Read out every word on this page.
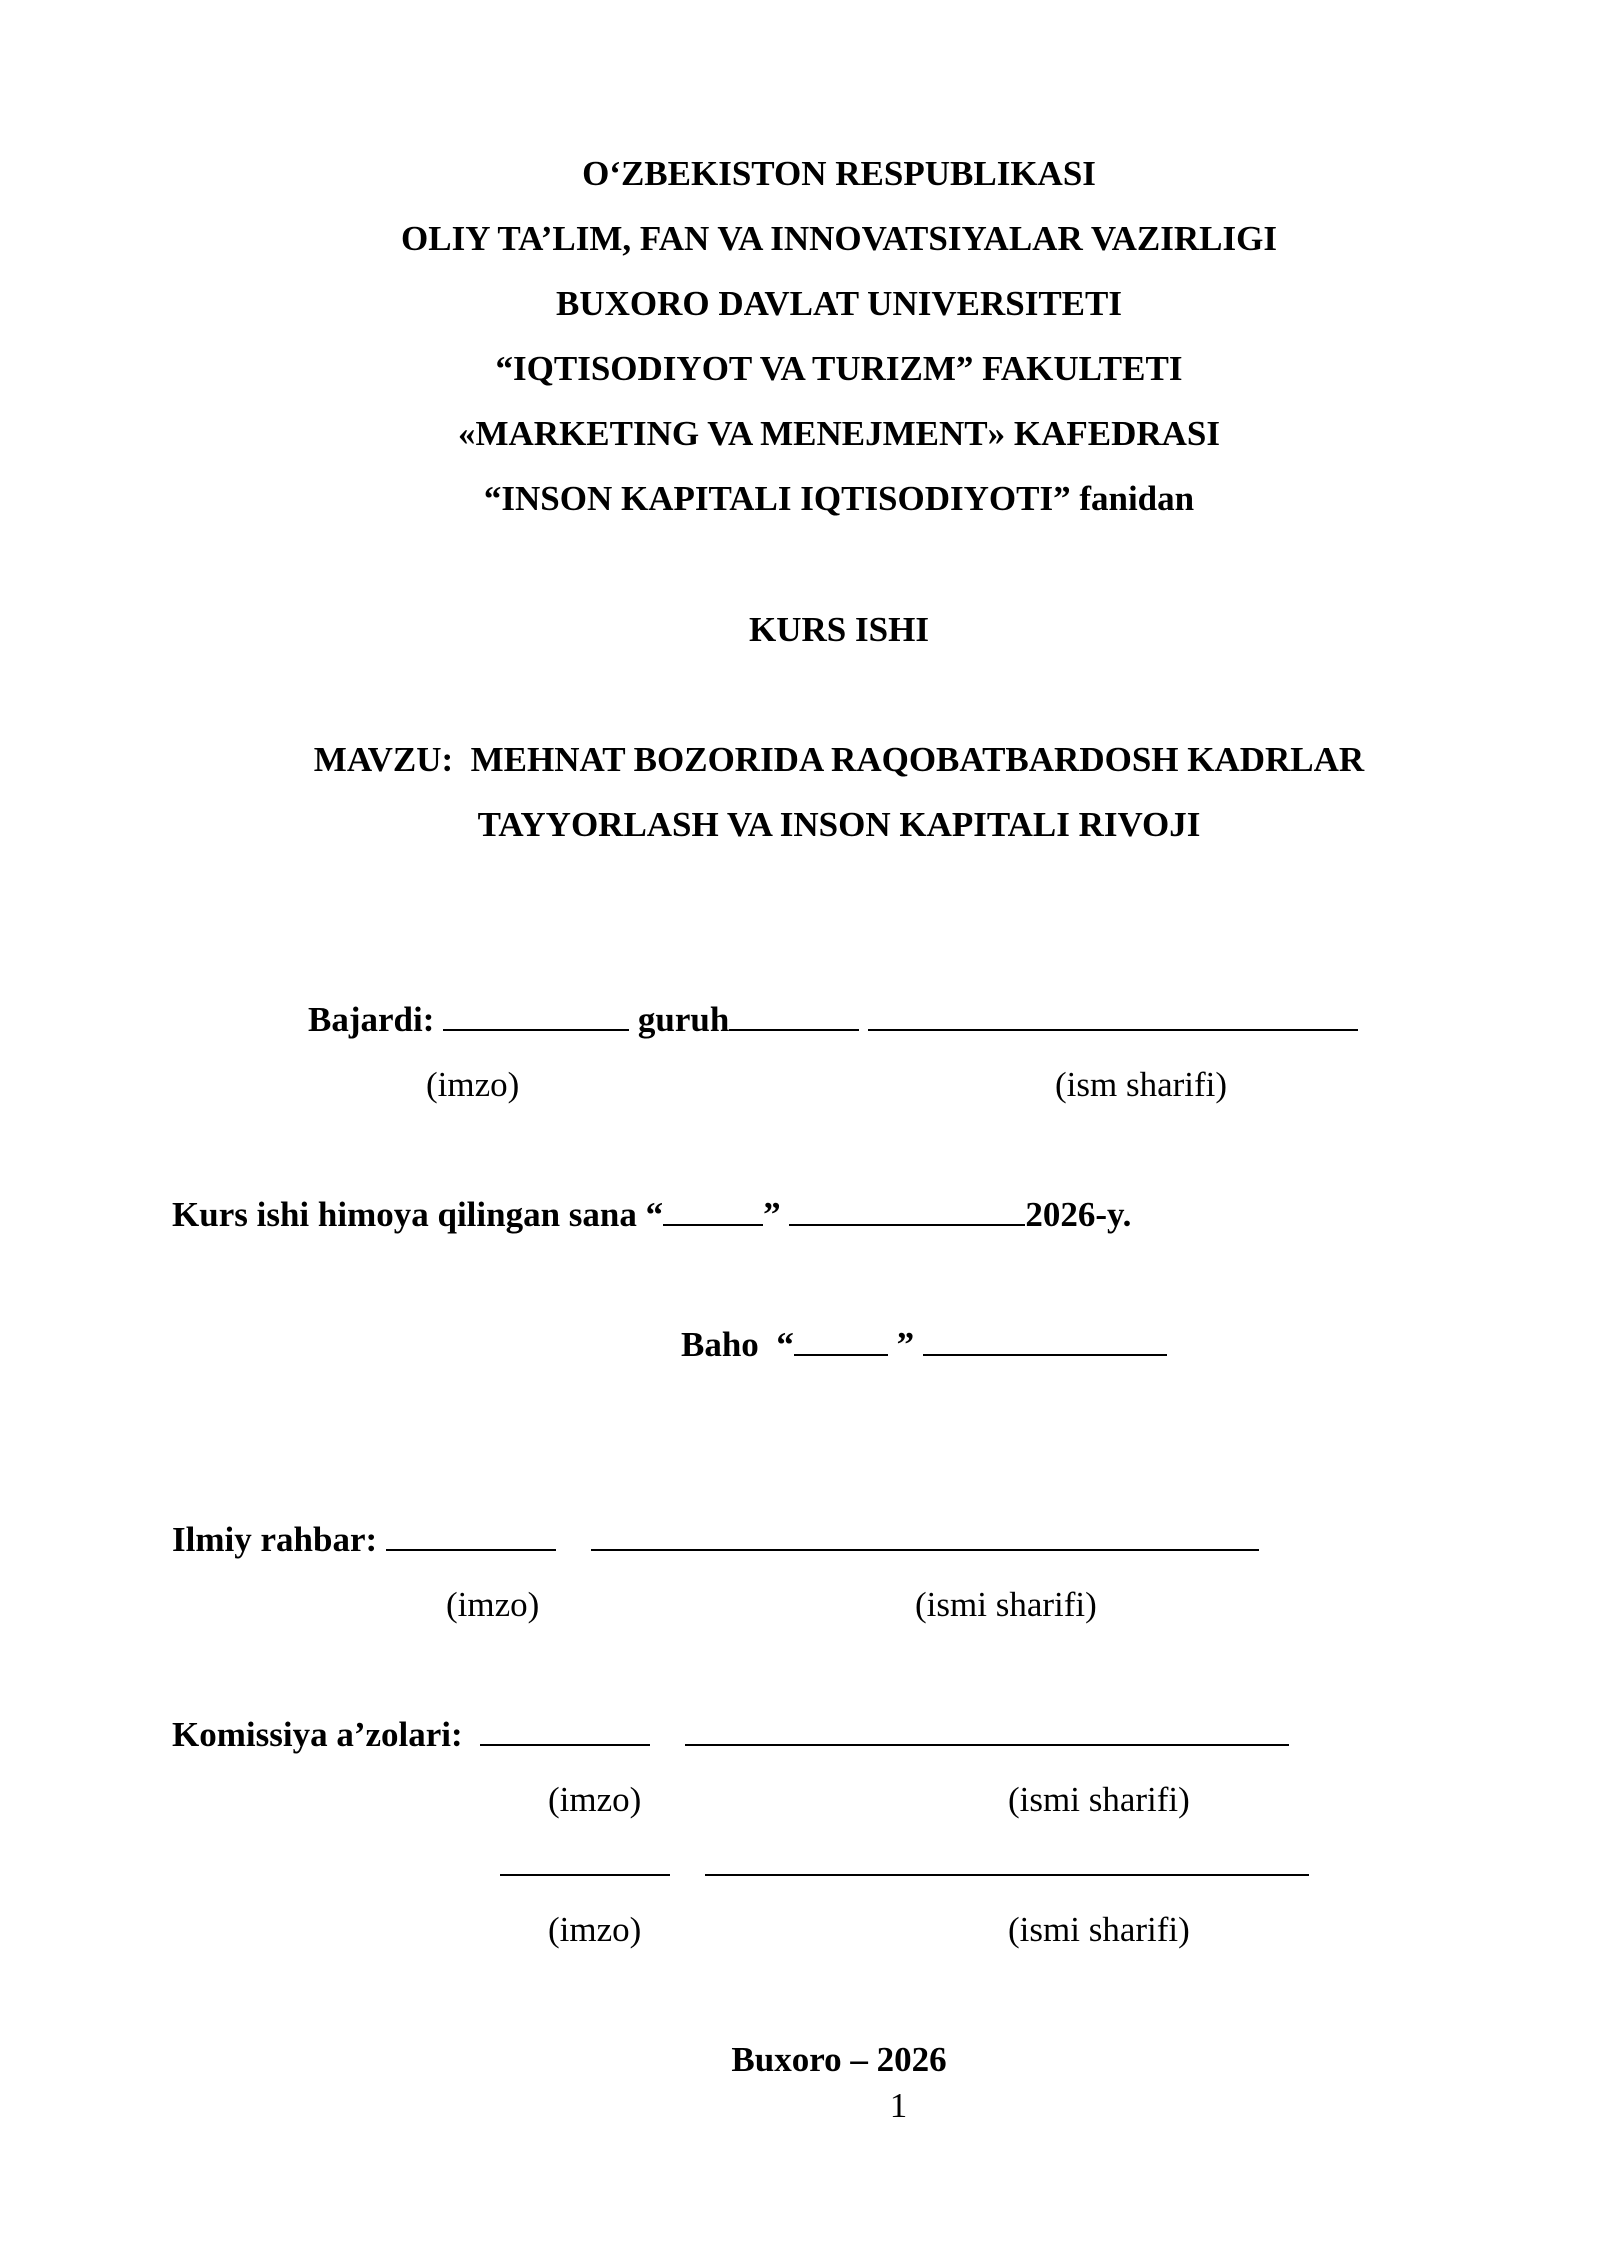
O‘ZBEKISTON RESPUBLIKASI
OLIY TA’LIM, FAN VA INNOVATSIYALAR VAZIRLIGI
BUXORO DAVLAT UNIVERSITETI
“IQTISODIYOT VA TURIZM” FAKULTETI
«MARKETING VA MENEJMENT» KAFEDRASI
“INSON KAPITALI IQTISODIYOTI” fanidan
KURS ISHI
MAVZU:  MEHNAT BOZORIDA RAQOBATBARDOSH KADRLAR
TAYYORLASH VA INSON KAPITALI RIVOJI
Bajardi:	guruh
(imzo)	(ism sharifi)
Kurs ishi himoya qilingan sana “	”	2026-y.
Baho “	”
Ilmiy rahbar:
(imzo)	(ismi sharifi)
Komissiya a’zolari:
(imzo)	(ismi sharifi)

(imzo)	(ismi sharifi)
Buxoro – 2026
1
